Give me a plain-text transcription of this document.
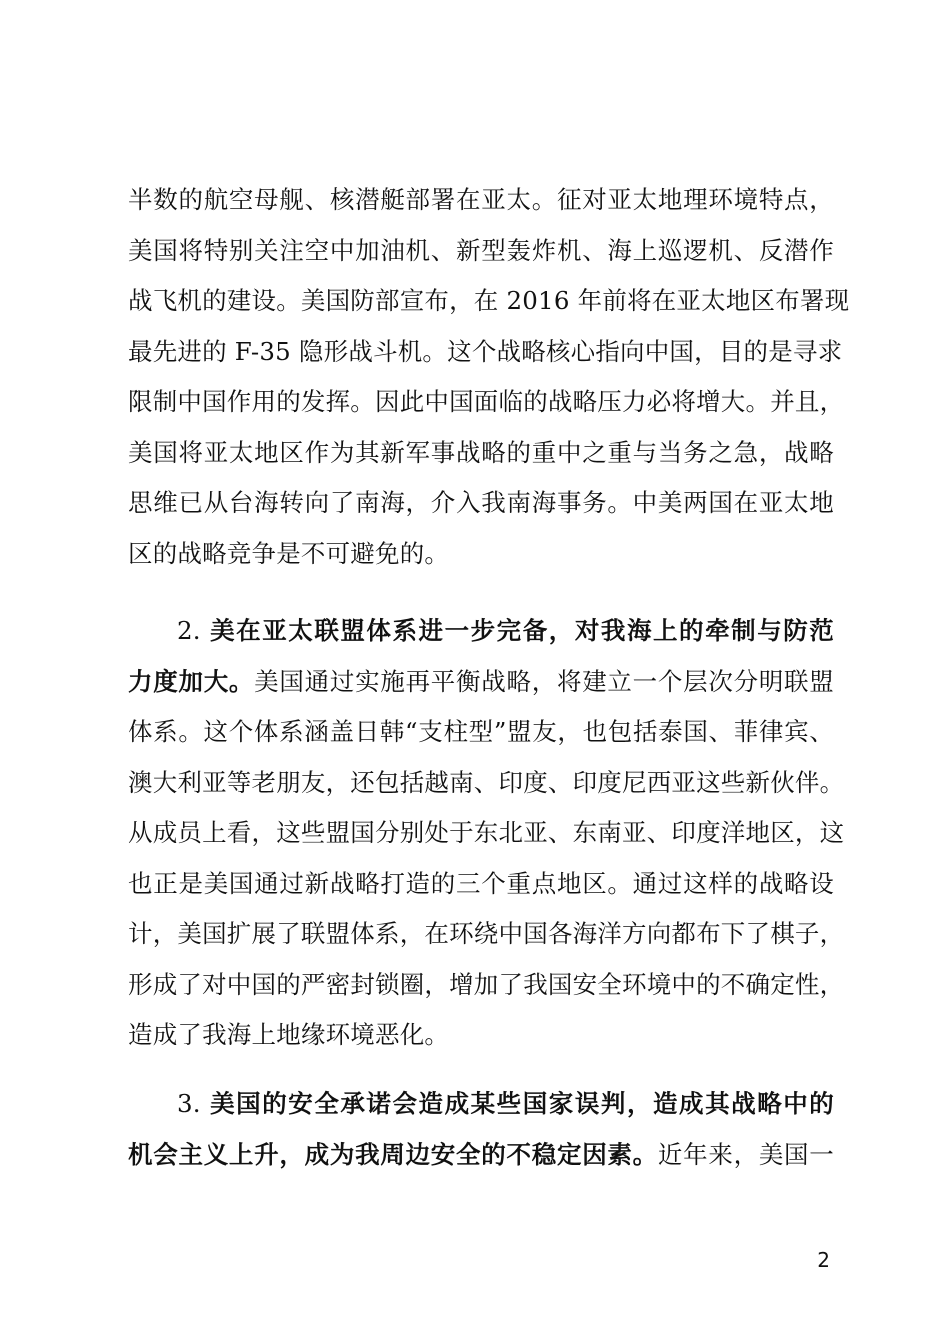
半数的航空母舰、核潜艇部署在亚太。征对亚太地理环境特点，
美国将特别关注空中加油机、新型轰炸机、海上巡逻机、反潜作
战飞机的建设。美国防部宣布，在 2016 年前将在亚太地区布署现
最先进的 F-35 隐形战斗机。这个战略核心指向中国，目的是寻求
限制中国作用的发挥。因此中国面临的战略压力必将增大。并且，
美国将亚太地区作为其新军事战略的重中之重与当务之急，战略
思维已从台海转向了南海，介入我南海事务。中美两国在亚太地
区的战略竞争是不可避免的。
2. 美在亚太联盟体系进一步完备，对我海上的牵制与防范
力度加大。美国通过实施再平衡战略，将建立一个层次分明联盟
体系。这个体系涵盖日韩“支柱型”盟友，也包括泰国、菲律宾、
澳大利亚等老朋友，还包括越南、印度、印度尼西亚这些新伙伴。
从成员上看，这些盟国分别处于东北亚、东南亚、印度洋地区，这
也正是美国通过新战略打造的三个重点地区。通过这样的战略设
计，美国扩展了联盟体系，在环绕中国各海洋方向都布下了棋子，
形成了对中国的严密封锁圈，增加了我国安全环境中的不确定性，
造成了我海上地缘环境恶化。
3. 美国的安全承诺会造成某些国家误判，造成其战略中的
机会主义上升，成为我周边安全的不稳定因素。近年来，美国一
2
